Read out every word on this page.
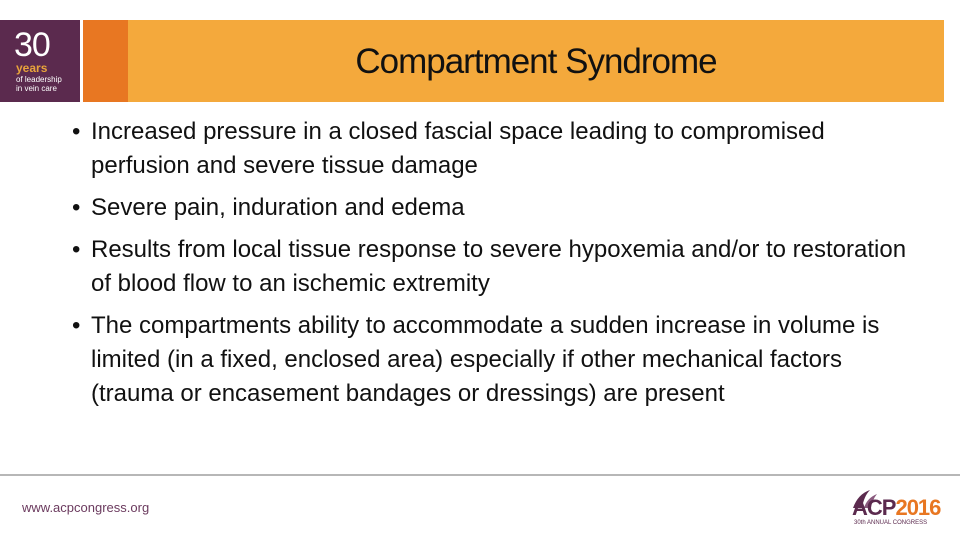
30
years
of leadership
in vein care
Compartment Syndrome
• Increased pressure in a closed fascial space leading to compromised perfusion and severe tissue damage
• Severe pain, induration and edema
• Results from local tissue response to severe hypoxemia and/or to restoration of blood flow to an ischemic extremity
• The compartments ability to accommodate a sudden increase in volume is limited (in a fixed, enclosed area) especially if other mechanical factors (trauma or encasement bandages or dressings) are present
www.acpcongress.org	ACP2016
30th ANNUAL CONGRESS
